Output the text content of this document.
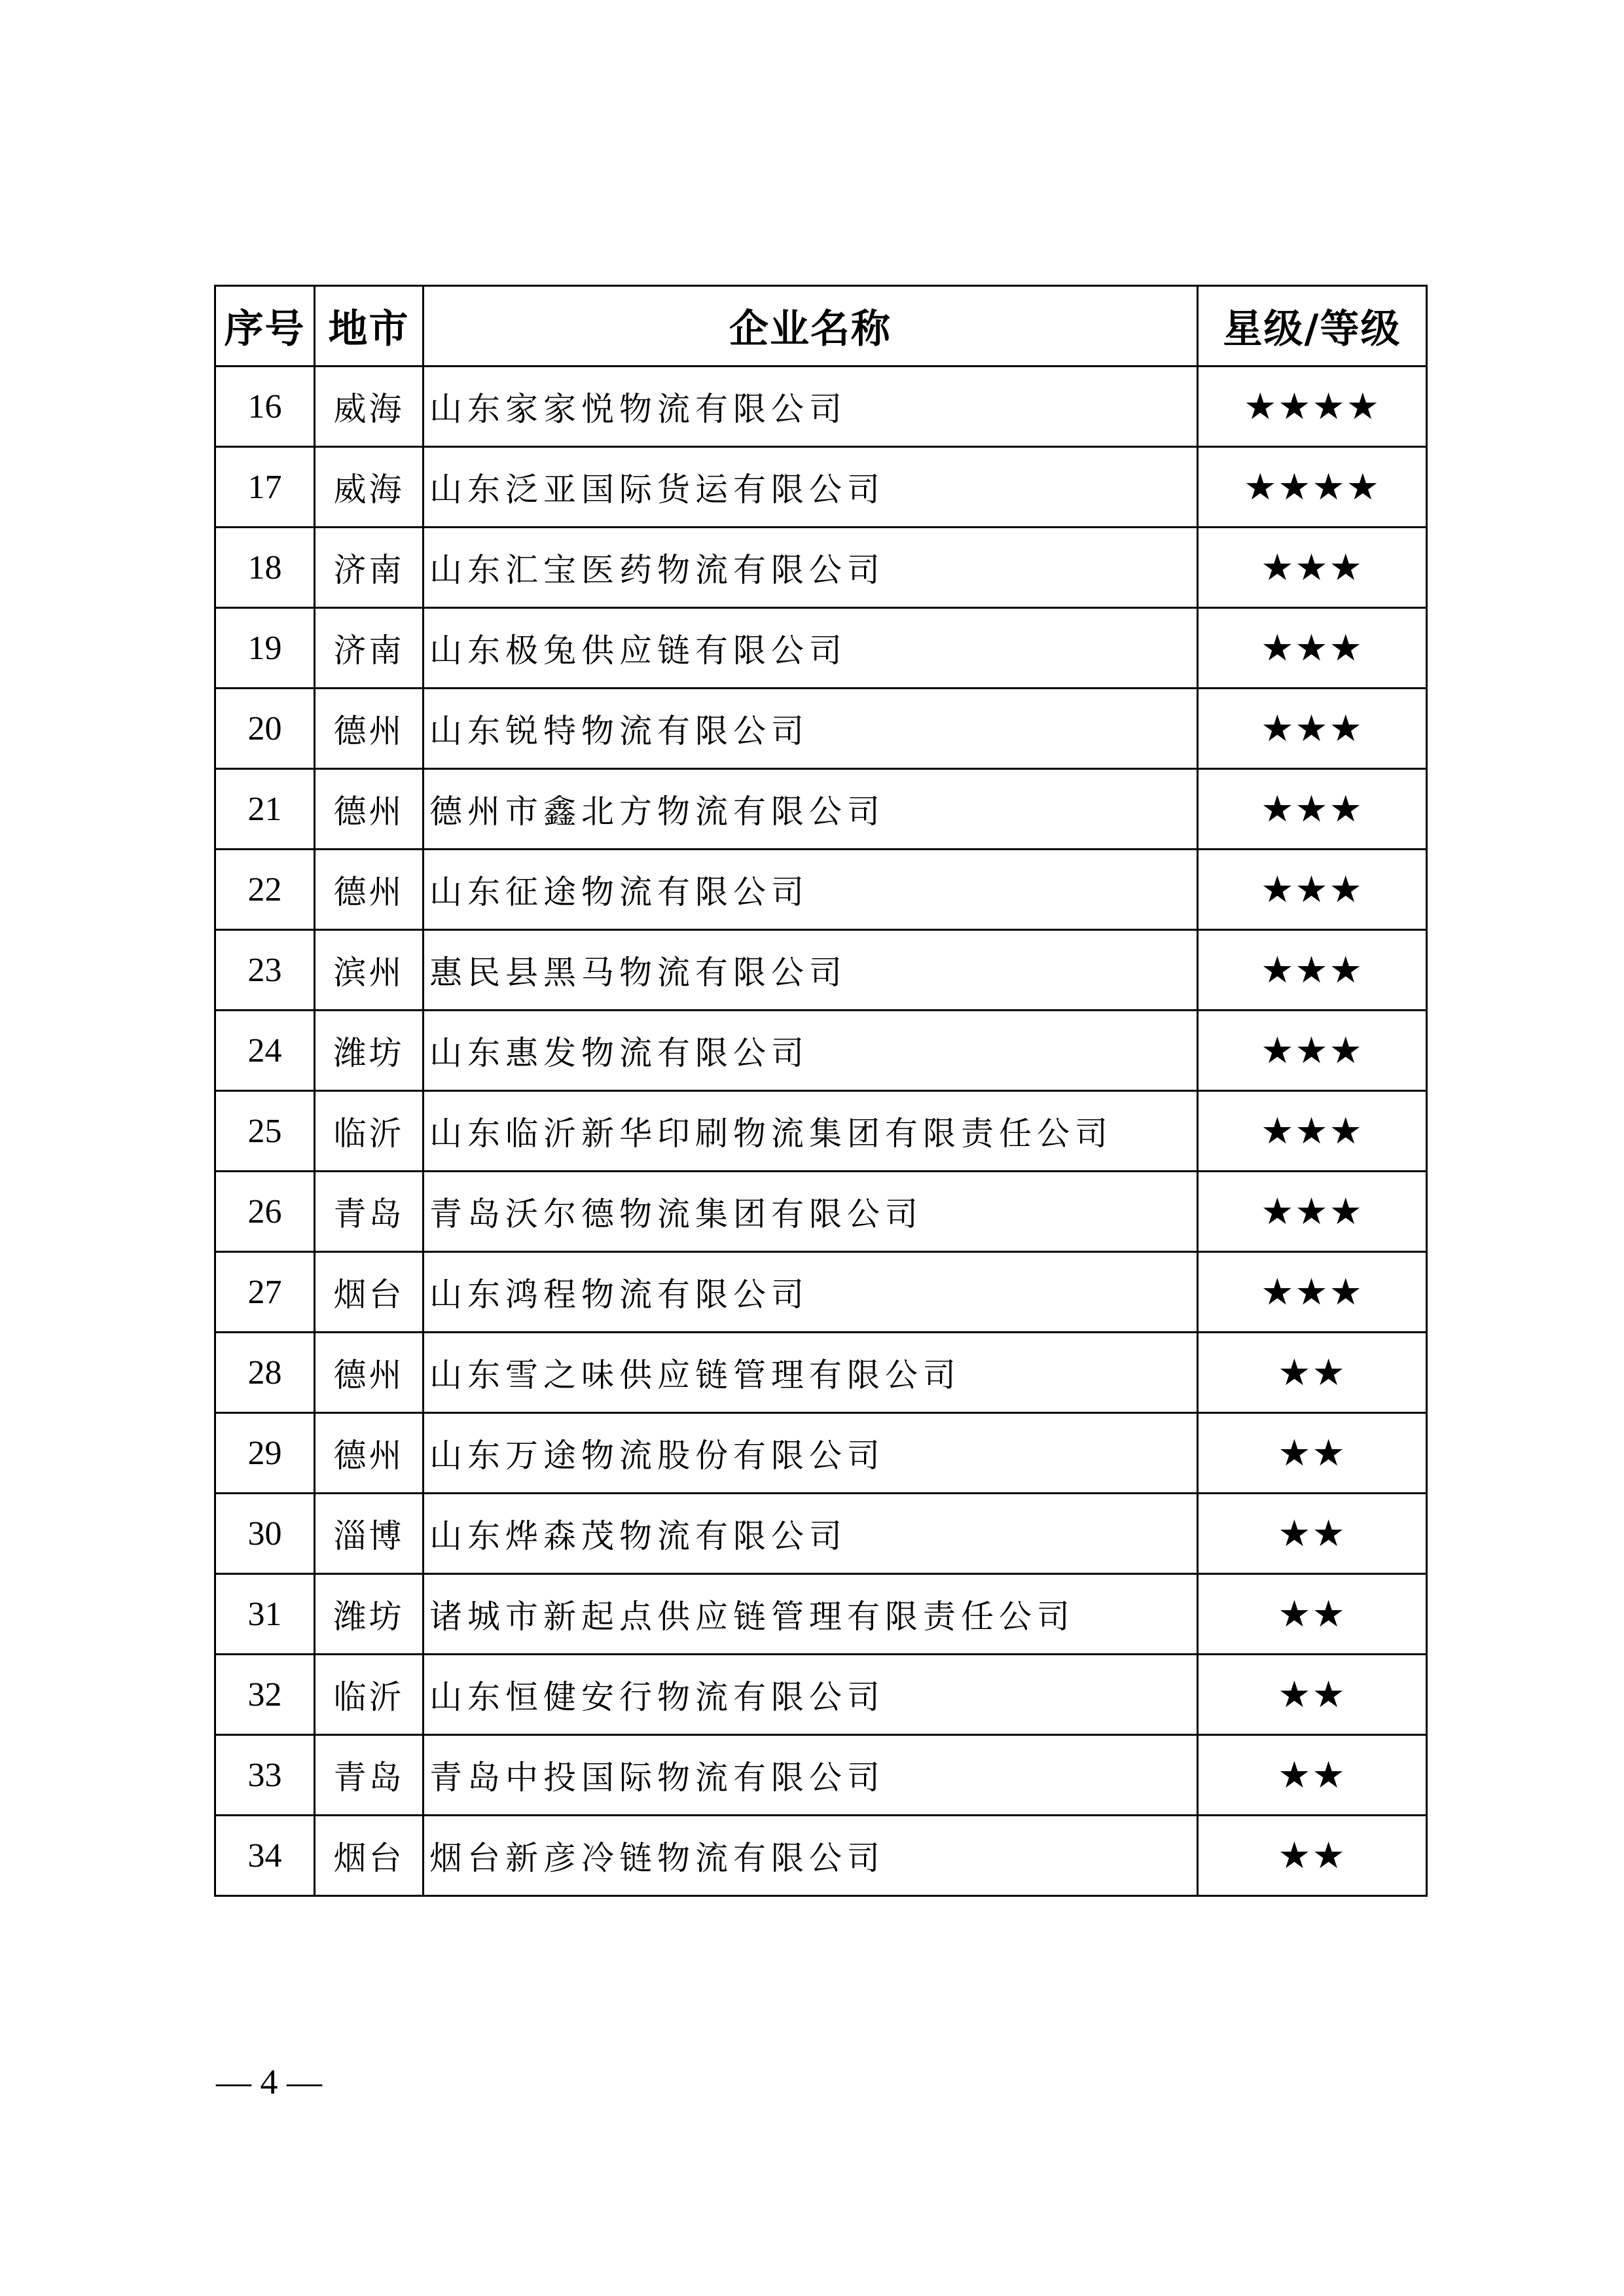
序号	地市	企业名称	星级/等级
16	威海	山东家家悦物流有限公司	★★★★
17	威海	山东泛亚国际货运有限公司	★★★★
18	济南	山东汇宝医药物流有限公司	★★★
19	济南	山东极兔供应链有限公司	★★★
20	德州	山东锐特物流有限公司	★★★
21	德州	德州市鑫北方物流有限公司	★★★
22	德州	山东征途物流有限公司	★★★
23	滨州	惠民县黑马物流有限公司	★★★
24	潍坊	山东惠发物流有限公司	★★★
25	临沂	山东临沂新华印刷物流集团有限责任公司	★★★
26	青岛	青岛沃尔德物流集团有限公司	★★★
27	烟台	山东鸿程物流有限公司	★★★
28	德州	山东雪之味供应链管理有限公司	★★
29	德州	山东万途物流股份有限公司	★★
30	淄博	山东烨森茂物流有限公司	★★
31	潍坊	诸城市新起点供应链管理有限责任公司	★★
32	临沂	山东恒健安行物流有限公司	★★
33	青岛	青岛中投国际物流有限公司	★★
34	烟台	烟台新彦冷链物流有限公司	★★
— 4 —
